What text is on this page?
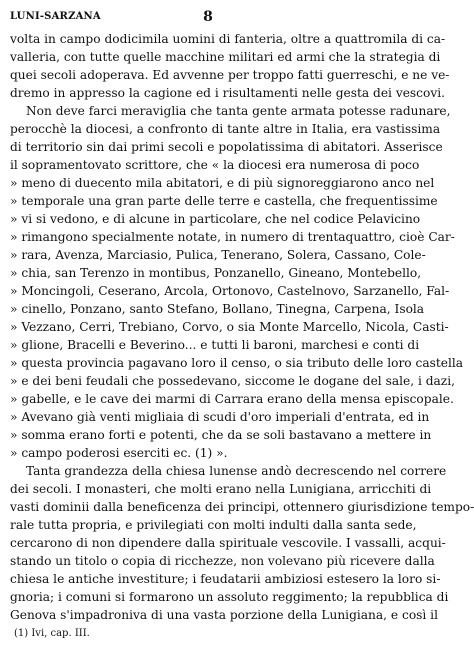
LUNI-SARZANA	8
volta in campo dodicimila uomini di fanteria, oltre a quattromila di ca-
valleria, con tutte quelle macchine militari ed armi che la strategia di
quei secoli adoperava. Ed avvenne per troppo fatti guerreschi, e ne ve-
dremo in appresso la cagione ed i risultamenti nelle gesta dei vescovi.
Non deve farci meraviglia che tanta gente armata potesse radunare,
perocchè la diocesi, a confronto di tante altre in Italia, era vastissima
di territorio sin dai primi secoli e popolatissima di abitatori. Asserisce
il sopramentovato scrittore, che « la diocesi era numerosa di poco
» meno di duecento mila abitatori, e di più signoreggiarono anco nel
» temporale una gran parte delle terre e castella, che frequentissime
» vi si vedono, e di alcune in particolare, che nel codice Pelavicino
» rimangono specialmente notate, in numero di trentaquattro, cioè Car-
» rara, Avenza, Marciasio, Pulica, Tenerano, Solera, Cassano, Cole-
» chia, san Terenzo in montibus, Ponzanello, Gineano, Montebello,
» Moncingoli, Ceserano, Arcola, Ortonovo, Castelnovo, Sarzanello, Fal-
» cinello, Ponzano, santo Stefano, Bollano, Tinegna, Carpena, Isola
» Vezzano, Cerri, Trebiano, Corvo, o sia Monte Marcello, Nicola, Casti-
» glione, Bracelli e Beverino... e tutti li baroni, marchesi e conti di
» questa provincia pagavano loro il censo, o sia tributo delle loro castella
» e dei beni feudali che possedevano, siccome le dogane del sale, i dazi,
» gabelle, e le cave dei marmi di Carrara erano della mensa episcopale.
» Avevano già venti migliaia di scudi d'oro imperiali d'entrata, ed in
» somma erano forti e potenti, che da se soli bastavano a mettere in
» campo poderosi eserciti ec. (1) ».
Tanta grandezza della chiesa lunense andò decrescendo nel correre
dei secoli. I monasteri, che molti erano nella Lunigiana, arricchiti di
vasti dominii dalla beneficenza dei principi, ottennero giurisdizione tempo-
rale tutta propria, e privilegiati con molti indulti dalla santa sede,
cercarono di non dipendere dalla spirituale vescovile. I vassalli, acqui-
stando un titolo o copia di ricchezze, non volevano più ricevere dalla
chiesa le antiche investiture; i feudatarii ambiziosi estesero la loro si-
gnoria; i comuni si formarono un assoluto reggimento; la repubblica di
Genova s'impadroniva di una vasta porzione della Lunigiana, e così il
(1) Ivi, cap. III.
